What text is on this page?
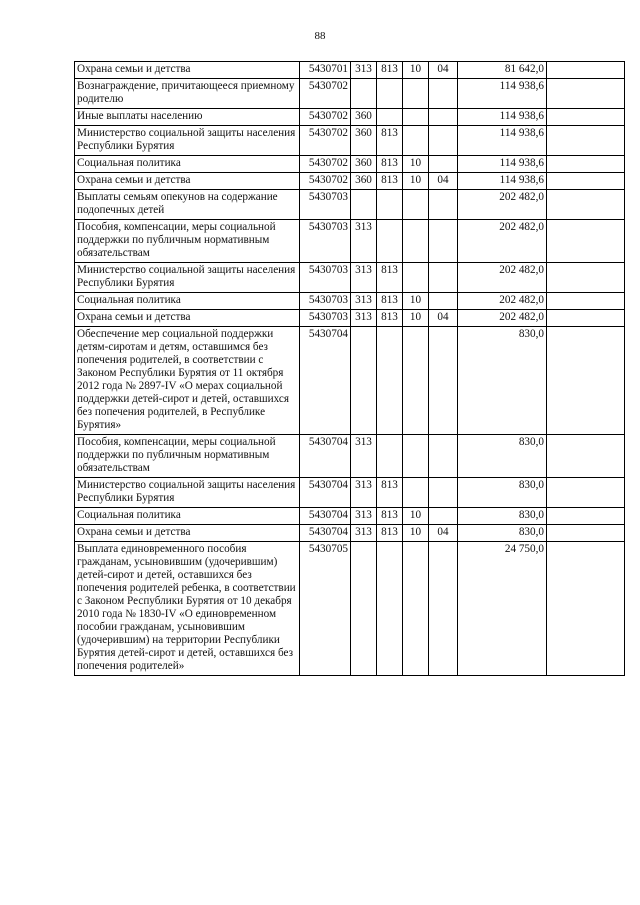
88
Охрана семьи и детства	5430701	313	813	10	04	81 642,0	
Вознаграждение, причитающееся приемному родителю	5430702					114 938,6	
Иные выплаты населению	5430702	360				114 938,6	
Министерство социальной защиты населения Республики Бурятия	5430702	360	813			114 938,6	
Социальная политика	5430702	360	813	10		114 938,6	
Охрана семьи и детства	5430702	360	813	10	04	114 938,6	
Выплаты семьям опекунов на содержание подопечных детей	5430703					202 482,0	
Пособия, компенсации, меры социальной поддержки по публичным нормативным обязательствам	5430703	313				202 482,0	
Министерство социальной защиты населения Республики Бурятия	5430703	313	813			202 482,0	
Социальная политика	5430703	313	813	10		202 482,0	
Охрана семьи и детства	5430703	313	813	10	04	202 482,0	
Обеспечение мер социальной поддержки детям-сиротам и детям, оставшимся без попечения родителей, в соответствии с Законом Республики Бурятия от 11 октября 2012 года № 2897-IV «О мерах социальной поддержки детей-сирот и детей, оставшихся без попечения родителей, в Республике Бурятия»	5430704					830,0	
Пособия, компенсации, меры социальной поддержки по публичным нормативным обязательствам	5430704	313				830,0	
Министерство социальной защиты населения Республики Бурятия	5430704	313	813			830,0	
Социальная политика	5430704	313	813	10		830,0	
Охрана семьи и детства	5430704	313	813	10	04	830,0	
Выплата единовременного пособия гражданам, усыновившим (удочерившим) детей-сирот и детей, оставшихся без попечения родителей ребенка, в соответствии с Законом Республики Бурятия от 10 декабря 2010 года № 1830-IV «О единовременном пособии гражданам, усыновившим (удочерившим) на территории Республики Бурятия детей-сирот и детей, оставшихся без попечения родителей»	5430705					24 750,0	
